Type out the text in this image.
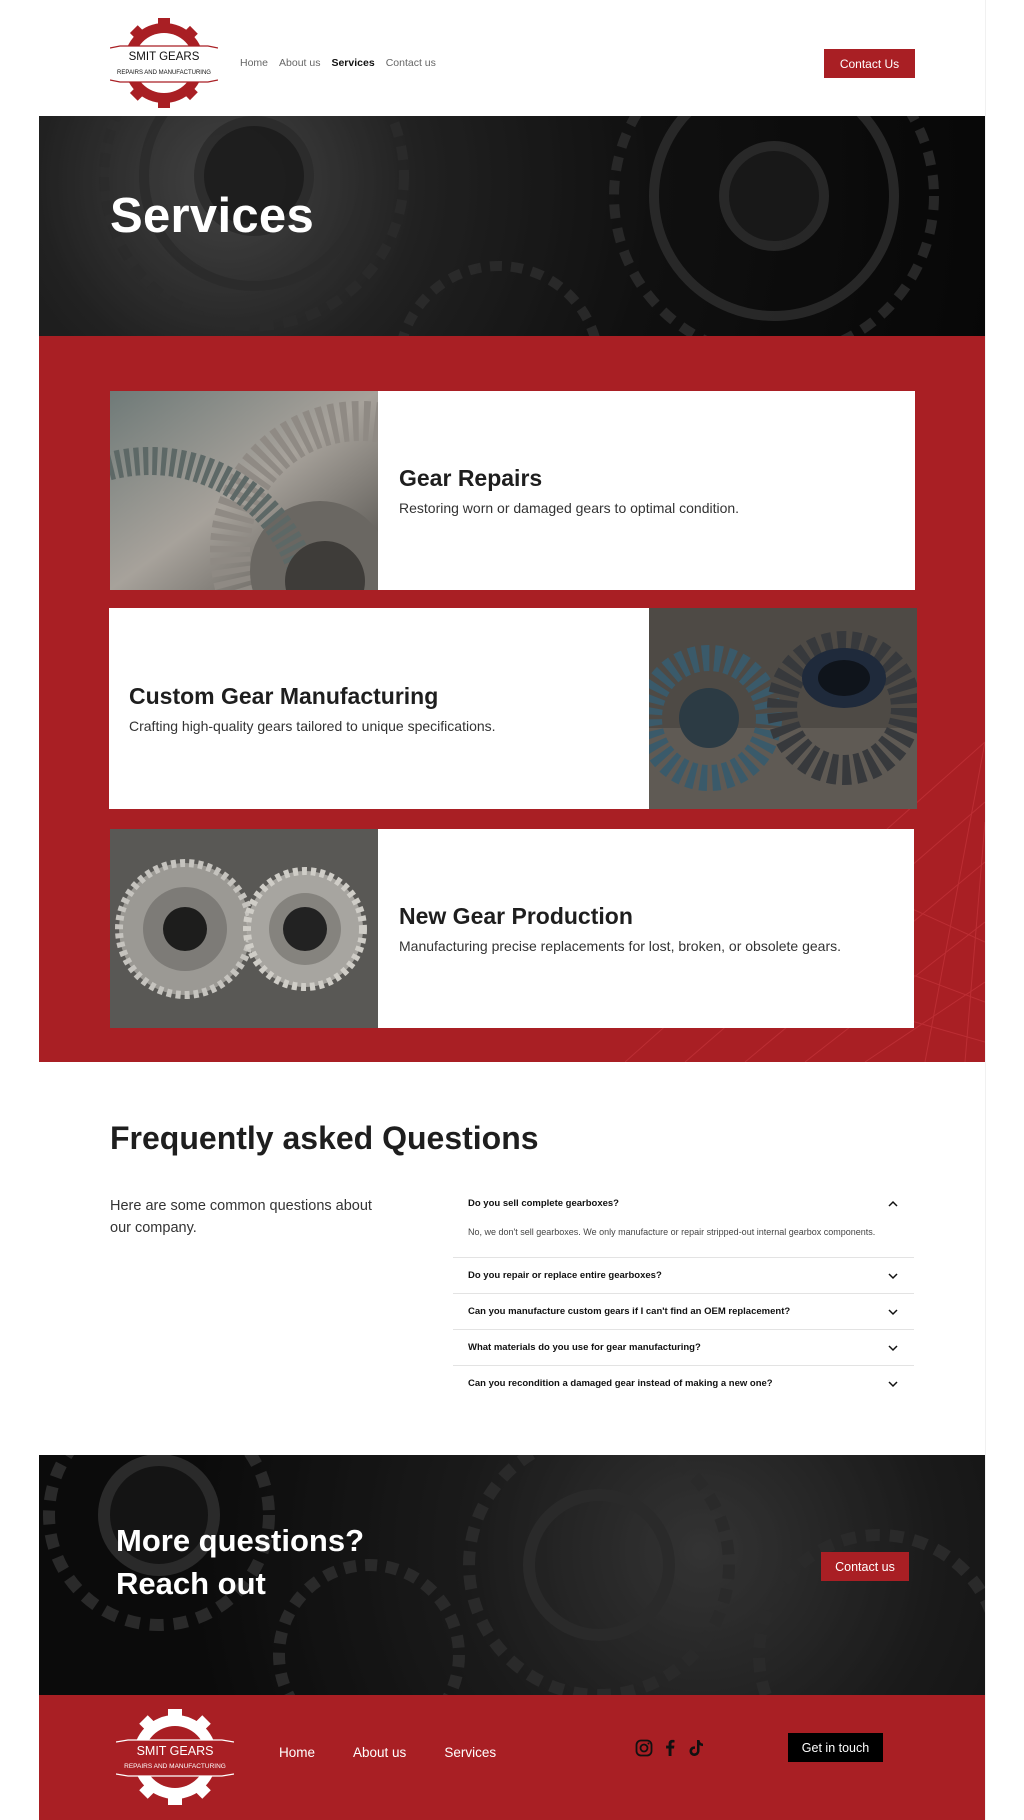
SMIT GEARS
REPAIRS AND MANUFACTURING
Home About us Services Contact us	Contact Us
Services
Gear Repairs

Restoring worn or damaged gears to optimal condition.

Custom Gear Manufacturing

Crafting high-quality gears tailored to unique specifications.

New Gear Production

Manufacturing precise replacements for lost, broken, or obsolete gears.

Frequently asked Questions

Here are some common questions about our company.

Do you sell complete gearboxes?
No, we don't sell gearboxes. We only manufacture or repair stripped-out internal gearbox components.
Do you repair or replace entire gearboxes?
Can you manufacture custom gears if I can't find an OEM replacement?
What materials do you use for gear manufacturing?
Can you recondition a damaged gear instead of making a new one?
More questions?
Reach out	Contact us
SMIT GEARS
REPAIRS AND MANUFACTURING
Home	About us	Services	Get in touch
